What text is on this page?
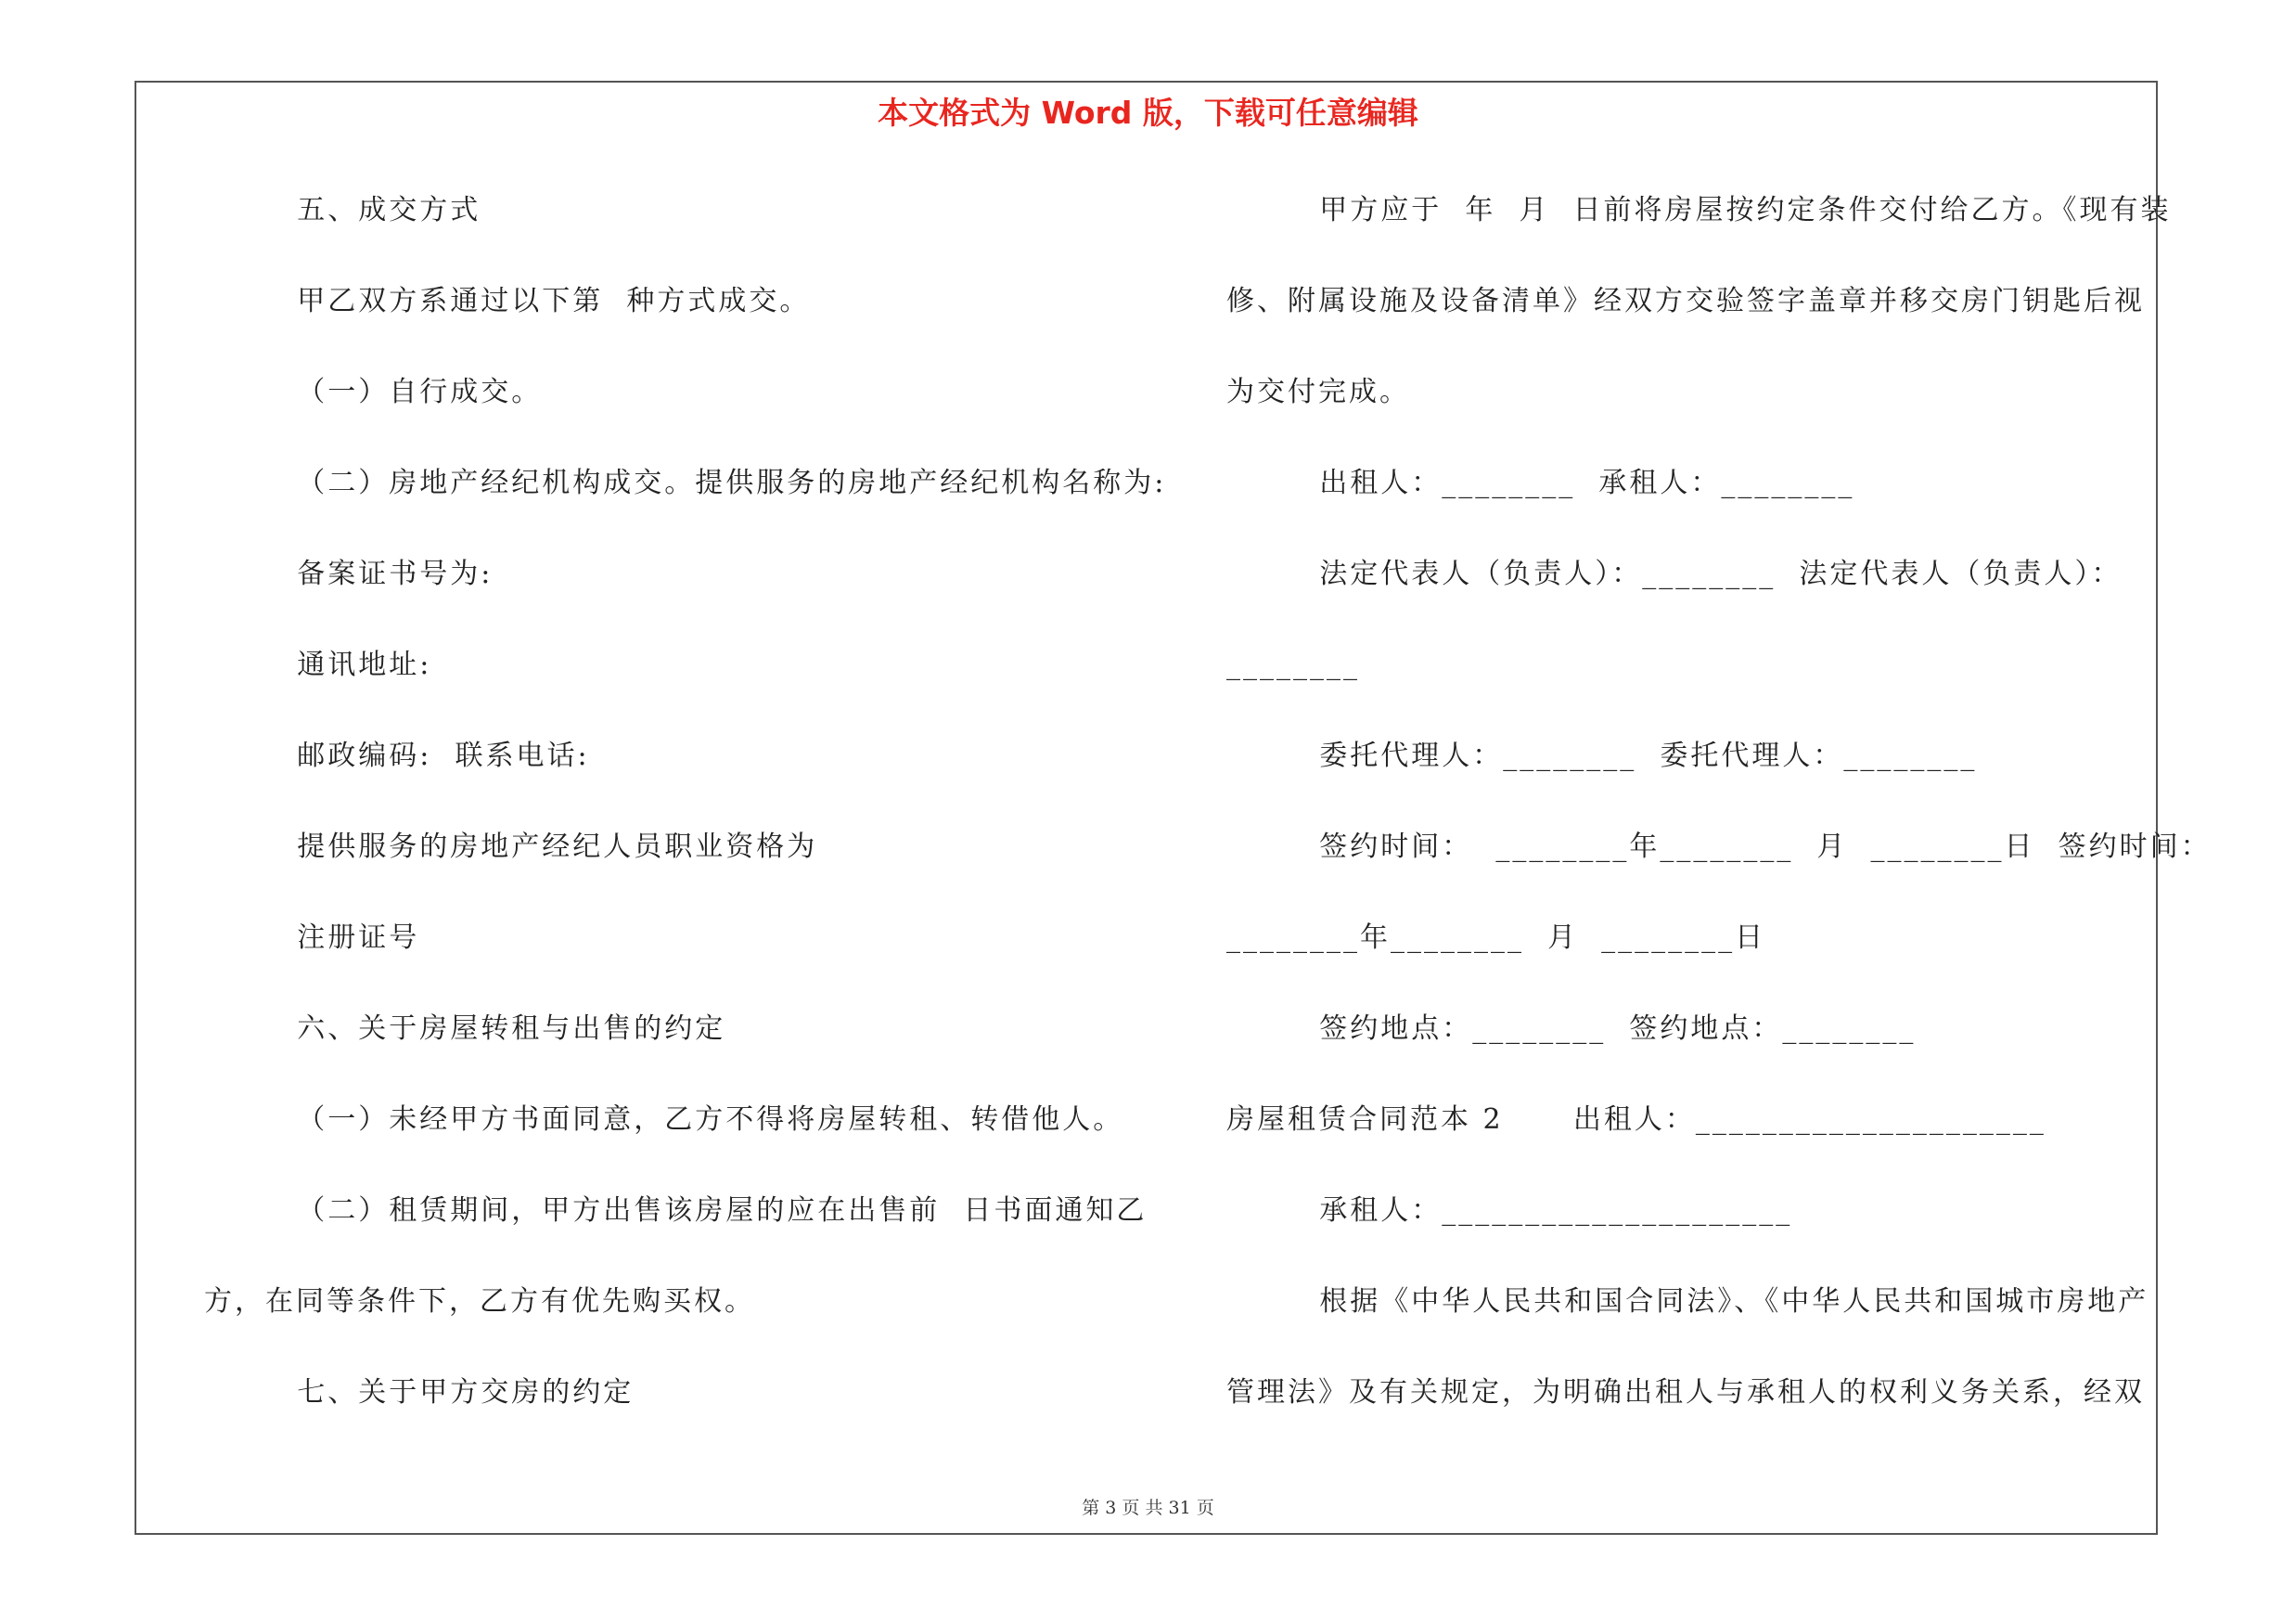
本文格式为 Word 版，下载可任意编辑
五、成交方式
甲乙双方系通过以下第  种方式成交。
（一）自行成交。
（二）房地产经纪机构成交。提供服务的房地产经纪机构名称为:
备案证书号为:
通讯地址:
邮政编码:  联系电话:
提供服务的房地产经纪人员职业资格为
注册证号
六、关于房屋转租与出售的约定
（一）未经甲方书面同意，乙方不得将房屋转租、转借他人。
（二）租赁期间，甲方出售该房屋的应在出售前  日书面通知乙
方，在同等条件下，乙方有优先购买权。
七、关于甲方交房的约定
甲方应于  年  月  日前将房屋按约定条件交付给乙方。《现有装
修、附属设施及设备清单》经双方交验签字盖章并移交房门钥匙后视
为交付完成。
出租人：________  承租人：________
法定代表人（负责人）：________  法定代表人（负责人）：
________
委托代理人：________  委托代理人：________
签约时间：  ________年________  月  ________日  签约时间：
________年________  月  ________日
签约地点：________  签约地点：________
房屋租赁合同范本 2      出租人：_____________________
承租人：_____________________
根据《中华人民共和国合同法》、《中华人民共和国城市房地产
管理法》及有关规定，为明确出租人与承租人的权利义务关系，经双
第 3 页 共 31 页
